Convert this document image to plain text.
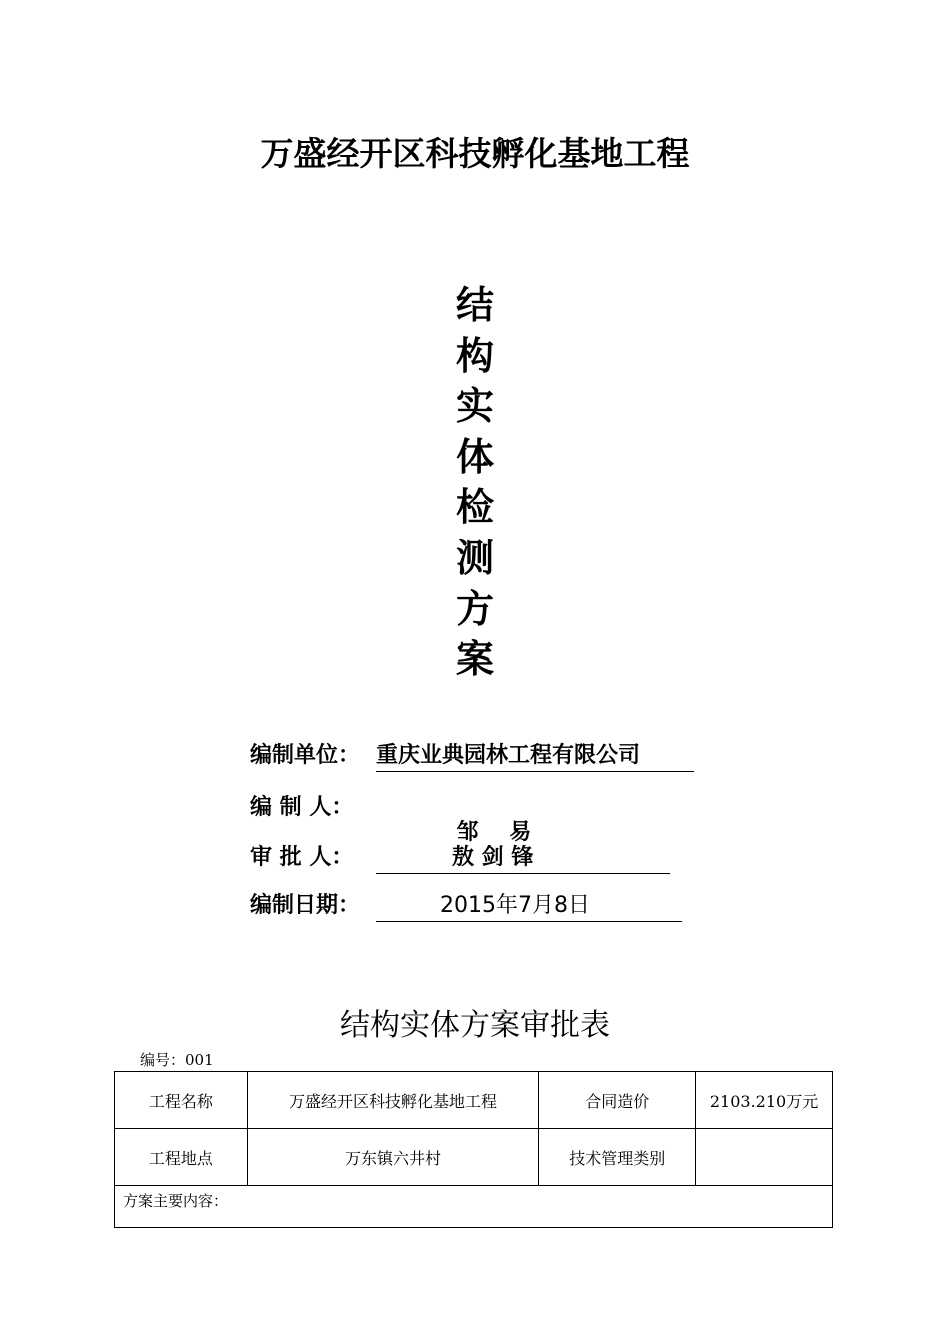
万盛经开区科技孵化基地工程
结
构
实
体
检
测
方
案
编制单位： 重庆业典园林工程有限公司
编 制 人：

邹    易

审 批 人：	敖 剑 锋
编制日期：	2015年7月8日
结构实体方案审批表
编号：001
工程名称	万盛经开区科技孵化基地工程	合同造价	2103.210万元
工程地点	万东镇六井村	技术管理类别	
方案主要内容：			
